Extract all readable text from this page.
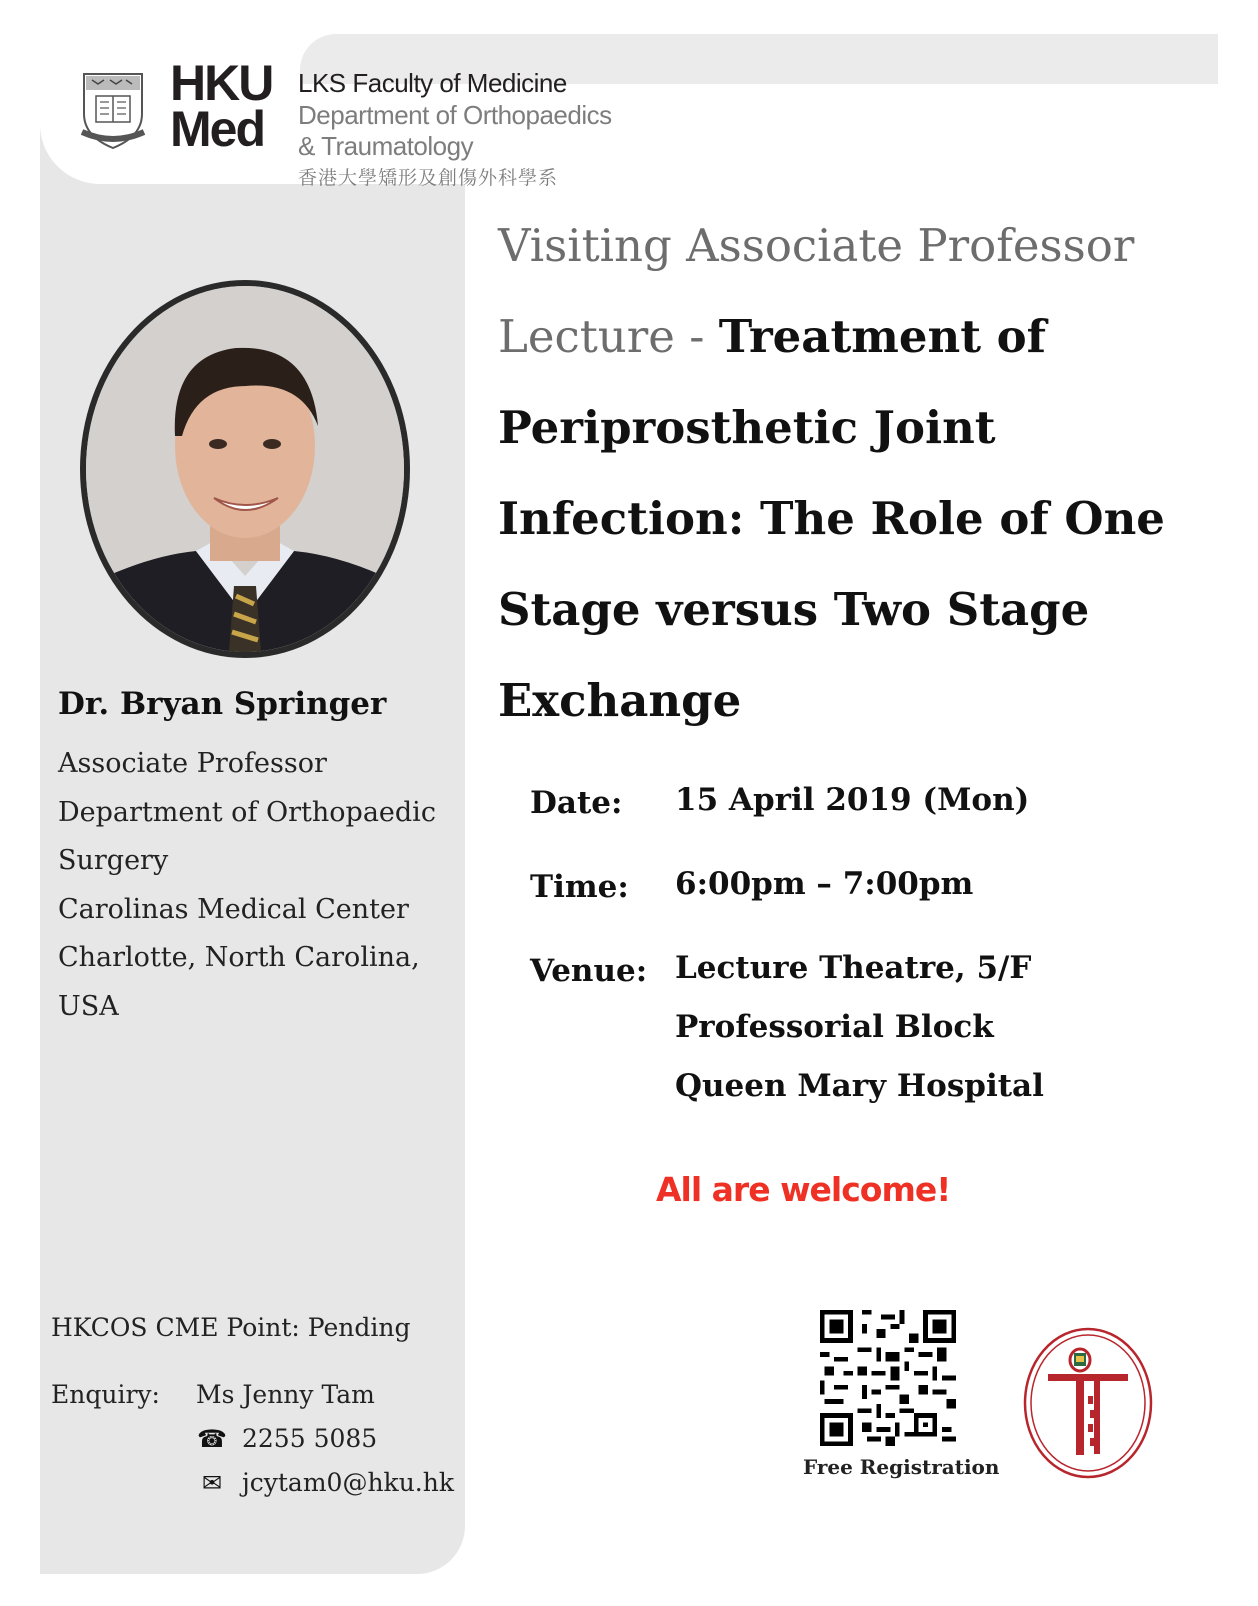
HKU
Med
LKS Faculty of Medicine
Department of Orthopaedics
& Traumatology
香港大學矯形及創傷外科學系
Visiting Associate Professor Lecture - Treatment of Periprosthetic Joint Infection: The Role of One Stage versus Two Stage Exchange
Dr. Bryan Springer
Associate Professor
Department of Orthopaedic
Surgery
Carolinas Medical Center
Charlotte, North Carolina,
USA
Date: 15 April 2019 (Mon)
Time: 6:00pm – 7:00pm
Venue: Lecture Theatre, 5/F
Professorial Block
Queen Mary Hospital
All are welcome!
HKCOS CME Point: Pending
Enquiry: Ms Jenny Tam
☎ 2255 5085
✉ jcytam0@hku.hk
Free Registration
